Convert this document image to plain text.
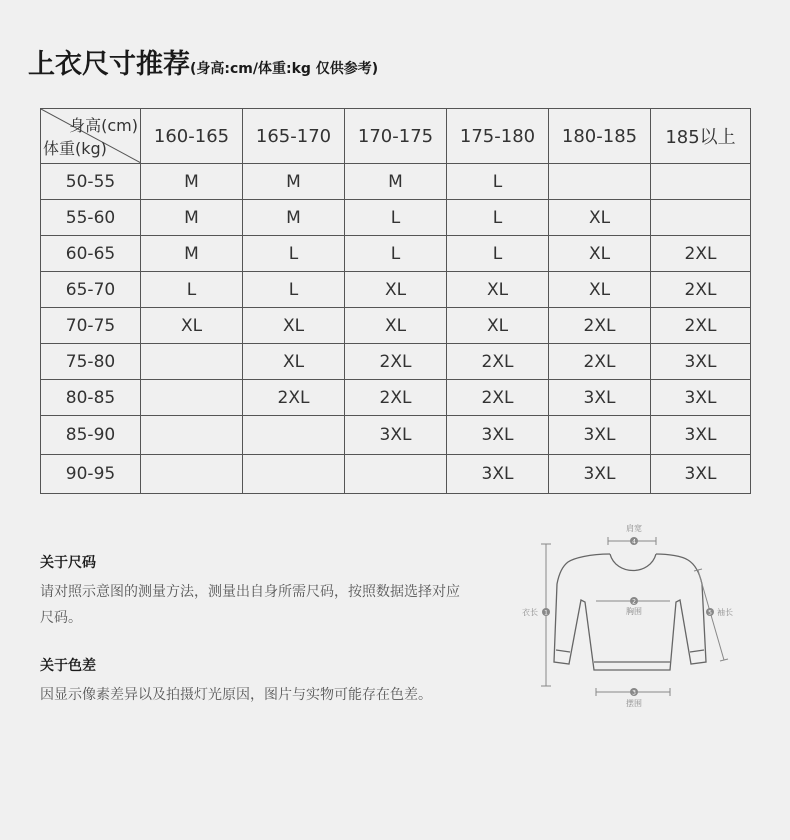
上衣尺寸推荐(身高:cm/体重:kg 仅供参考)
身高(cm)
体重(kg)	160-165	165-170	170-175	175-180	180-185	185以上
50-55	M	M	M	L		
55-60	M	M	L	L	XL	
60-65	M	L	L	L	XL	2XL
65-70	L	L	XL	XL	XL	2XL
70-75	XL	XL	XL	XL	2XL	2XL
75-80		XL	2XL	2XL	2XL	3XL
80-85		2XL	2XL	2XL	3XL	3XL
85-90			3XL	3XL	3XL	3XL
90-95				3XL	3XL	3XL
关于尺码
请对照示意图的测量方法，测量出自身所需尺码，按照数据选择对应尺码。
关于色差
因显示像素差异以及拍摄灯光原因，图片与实物可能存在色差。
肩宽
4
2
胸围
衣长 1	5 袖长
3
摆围
